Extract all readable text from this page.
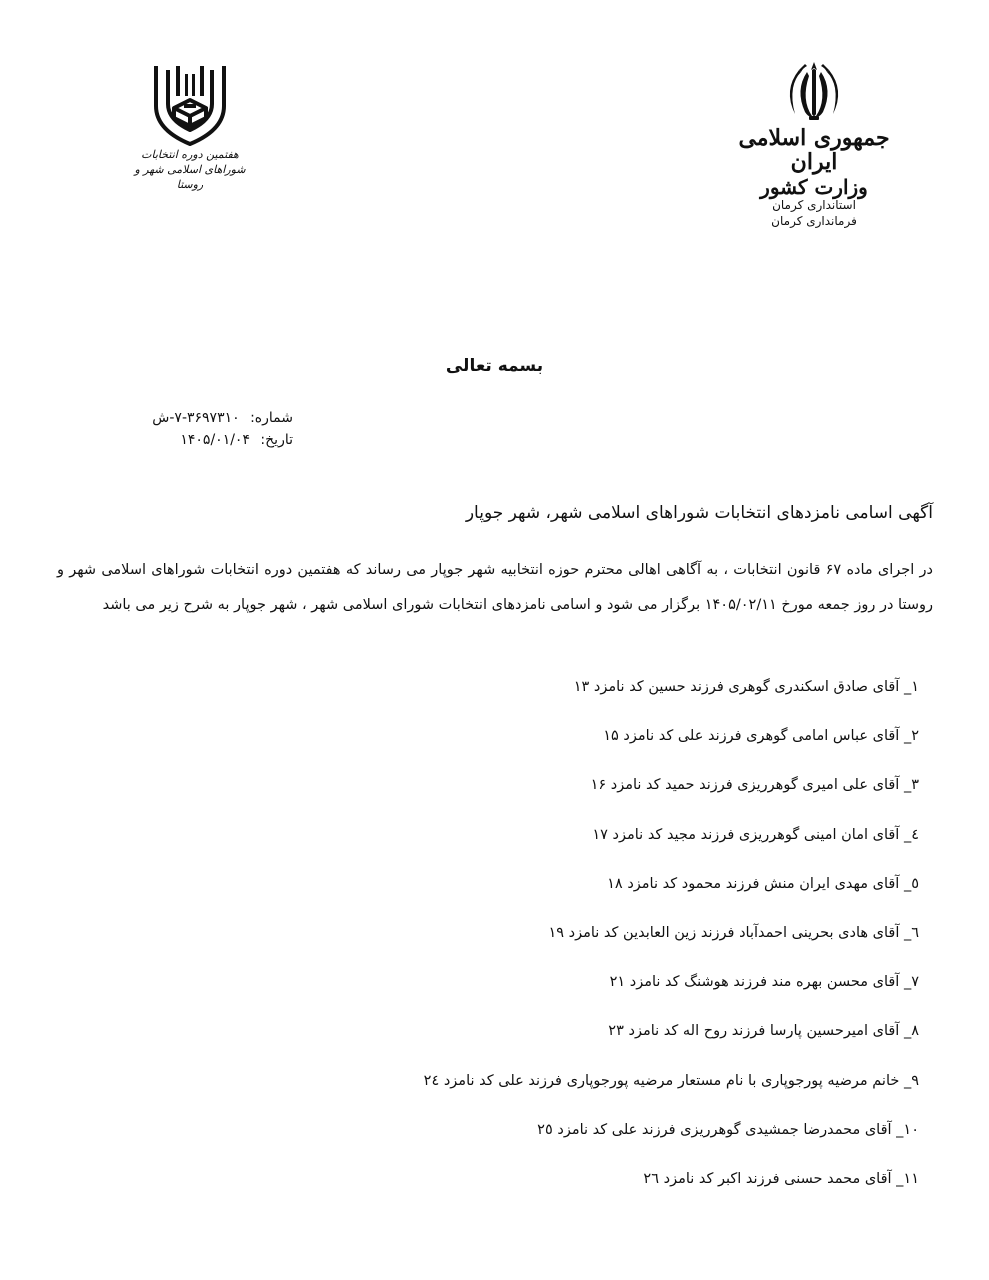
جمهوری اسلامی ایران

وزارت کشور

استانداری کرمان

فرمانداری کرمان

هفتمین دوره انتخابات

شوراهای اسلامی شهر و روستا

بسمه تعالی
شماره: ۳۶۹۷۳۱۰-۷-ش
تاریخ: ۱۴۰۵/۰۱/۰۴
آگهی اسامی نامزدهای انتخابات شوراهای اسلامی شهر، شهر جوپار

در اجرای ماده ۶۷ قانون انتخابات ، به آگاهی اهالی محترم حوزه انتخابیه شهر جوپار می رساند که هفتمین دوره انتخابات شوراهای اسلامی شهر و روستا در روز جمعه مورخ ۱۴۰۵/۰۲/۱۱ برگزار می شود و اسامی نامزدهای انتخابات شورای اسلامی شهر ، شهر جوپار به شرح زیر می باشد

۱_ آقای صادق اسکندری گوهری فرزند حسین کد نامزد ۱۳
۲_ آقای عباس امامی گوهری فرزند علی کد نامزد ۱۵
۳_ آقای علی امیری گوهرریزی فرزند حمید کد نامزد ۱۶
٤_ آقای امان امینی گوهرریزی فرزند مجید کد نامزد ۱۷
٥_ آقای مهدی ایران منش فرزند محمود کد نامزد ۱۸
٦_ آقای هادی بحرینی احمدآباد فرزند زین العابدین کد نامزد ۱۹
۷_ آقای محسن بهره مند فرزند هوشنگ کد نامزد ۲۱
۸_ آقای امیرحسین پارسا فرزند روح اله کد نامزد ۲۳
۹_ خانم مرضیه پورجوپاری با نام مستعار مرضیه پورجوپاری فرزند علی کد نامزد ۲٤
۱۰_ آقای محمدرضا جمشیدی گوهرریزی فرزند علی کد نامزد ۲٥
۱۱_ آقای محمد حسنی فرزند اکبر کد نامزد ۲٦
